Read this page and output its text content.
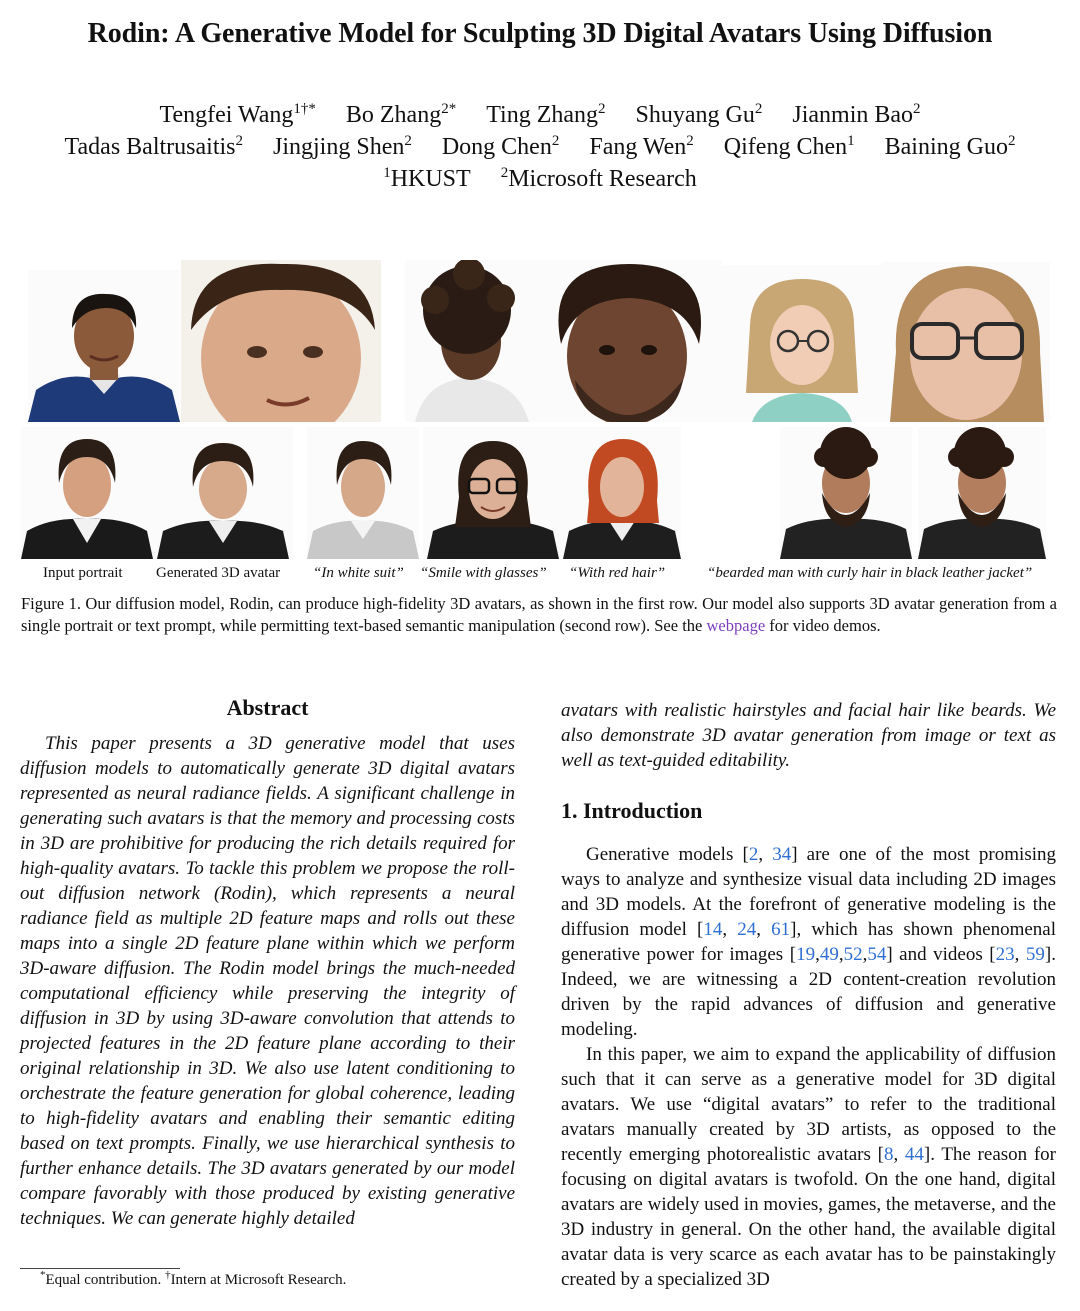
Rodin: A Generative Model for Sculpting 3D Digital Avatars Using Diffusion
Tengfei Wang$^{1\dagger*}$ Bo Zhang$^{2*}$ Ting Zhang$^2$ Shuyang Gu$^2$ Jianmin Bao$^2$
Tadas Baltrusaitis$^2$ Jingjing Shen$^2$ Dong Chen$^2$ Fang Wen$^2$ Qifeng Chen$^1$ Baining Guo$^2$
$^1$HKUST $^2$Microsoft Research
Input portrait Generated 3D avatar “In white suit” “Smile with glasses” “With red hair”	“bearded man with curly hair in black leather jacket”
Figure 1. Our diffusion model, Rodin, can produce high-fidelity 3D avatars, as shown in the first row. Our model also supports 3D avatar generation from a single portrait or text prompt, while permitting text-based semantic manipulation (second row). See the webpage for video demos.
Abstract

This paper presents a 3D generative model that uses diffusion models to automatically generate 3D digital avatars represented as neural radiance fields. A significant challenge in generating such avatars is that the memory and processing costs in 3D are prohibitive for producing the rich details required for high-quality avatars. To tackle this problem we propose the roll-out diffusion network (Rodin), which represents a neural radiance field as multiple 2D feature maps and rolls out these maps into a single 2D feature plane within which we perform 3D-aware diffusion. The Rodin model brings the much-needed computational efficiency while preserving the integrity of diffusion in 3D by using 3D-aware convolution that attends to projected features in the 2D feature plane according to their original relationship in 3D. We also use latent conditioning to orchestrate the feature generation for global coherence, leading to high-fidelity avatars and enabling their semantic editing based on text prompts. Finally, we use hierarchical synthesis to further enhance details. The 3D avatars generated by our model compare favorably with those produced by existing generative techniques. We can generate highly detailed

avatars with realistic hairstyles and facial hair like beards. We also demonstrate 3D avatar generation from image or text as well as text-guided editability.

1. Introduction

Generative models [2, 34] are one of the most promising ways to analyze and synthesize visual data including 2D images and 3D models. At the forefront of generative modeling is the diffusion model [14, 24, 61], which has shown phenomenal generative power for images [19,49,52,54] and videos [23, 59]. Indeed, we are witnessing a 2D content-creation revolution driven by the rapid advances of diffusion and generative modeling.

In this paper, we aim to expand the applicability of diffusion such that it can serve as a generative model for 3D digital avatars. We use “digital avatars” to refer to the traditional avatars manually created by 3D artists, as opposed to the recently emerging photorealistic avatars [8, 44]. The reason for focusing on digital avatars is twofold. On the one hand, digital avatars are widely used in movies, games, the metaverse, and the 3D industry in general. On the other hand, the available digital avatar data is very scarce as each avatar has to be painstakingly created by a specialized 3D

*Equal contribution. †Intern at Microsoft Research.
